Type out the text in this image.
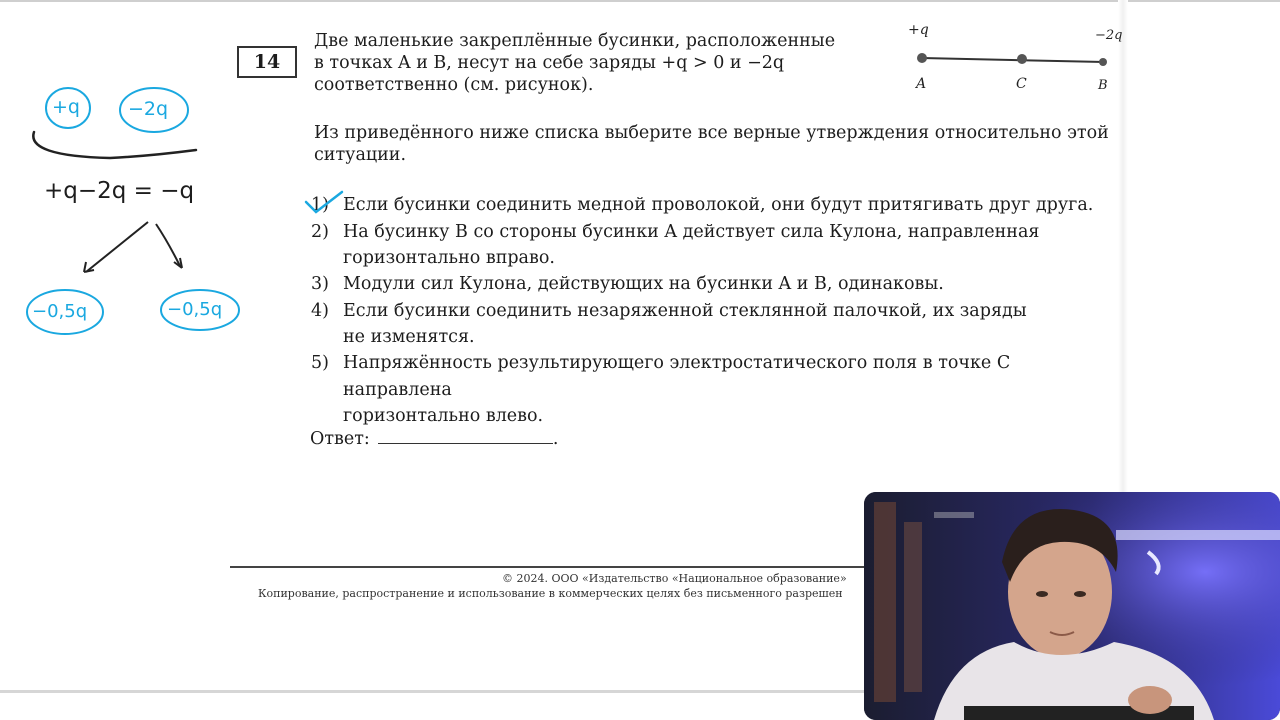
14
Две маленькие закреплённые бусинки, расположенные
в точках A и B, несут на себе заряды +q > 0 и −2q
соответственно (см. рисунок).
+q	−2q
A	C	B
Из приведённого ниже списка выберите все верные утверждения относительно этой
ситуации.
1) Если бусинки соединить медной проволокой, они будут притягивать друг друга.
2) На бусинку B со стороны бусинки A действует сила Кулона, направленная
горизонтально вправо.
3) Модули сил Кулона, действующих на бусинки A и B, одинаковы.
4) Если бусинки соединить незаряженной стеклянной палочкой, их заряды
не изменятся.
5) Напряжённость результирующего электростатического поля в точке C направлена
горизонтально влево.
Ответ:	.
© 2024. ООО «Издательство «Национальное образование»
Копирование, распространение и использование в коммерческих целях без письменного разрешен
+q	−2q
+q−2q = −q
−0,5q	−0,5q
